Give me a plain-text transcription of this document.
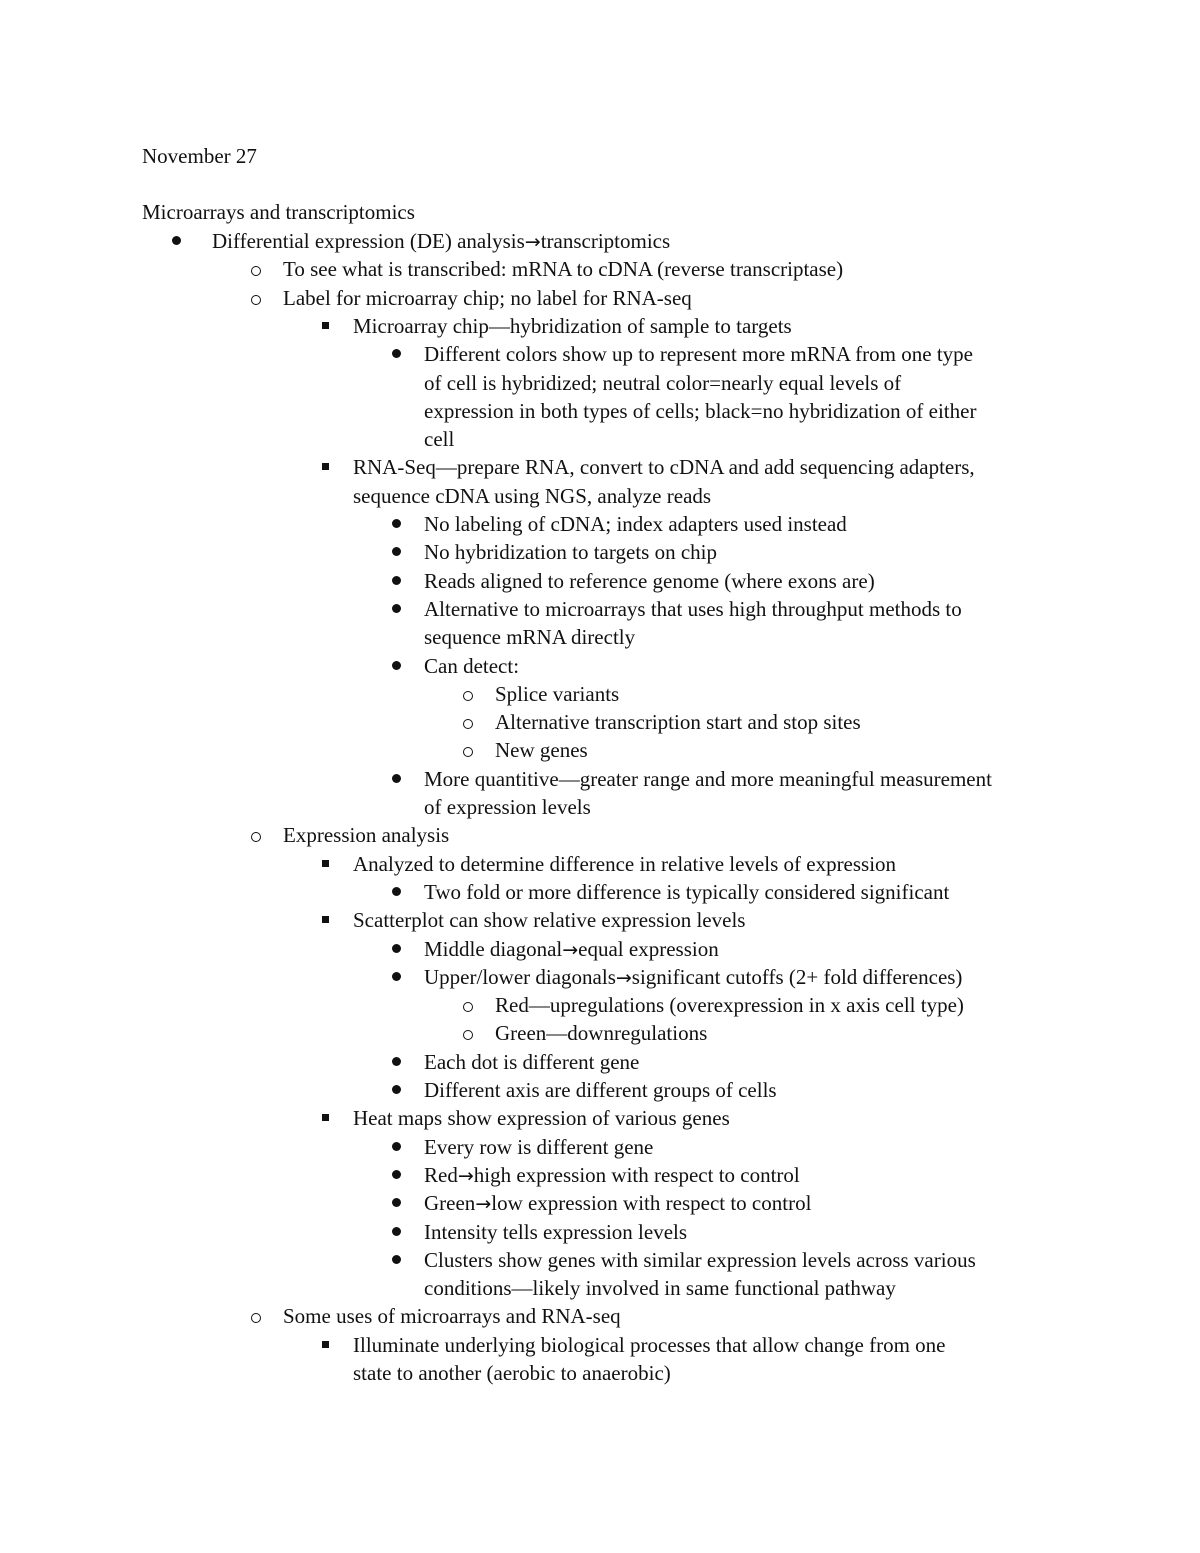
November 27
Microarrays and transcriptomics
Differential expression (DE) analysis→transcriptomics
To see what is transcribed: mRNA to cDNA (reverse transcriptase)
Label for microarray chip; no label for RNA-seq
Microarray chip—hybridization of sample to targets
Different colors show up to represent more mRNA from one type
of cell is hybridized; neutral color=nearly equal levels of
expression in both types of cells; black=no hybridization of either
cell
RNA-Seq—prepare RNA, convert to cDNA and add sequencing adapters,
sequence cDNA using NGS, analyze reads
No labeling of cDNA; index adapters used instead
No hybridization to targets on chip
Reads aligned to reference genome (where exons are)
Alternative to microarrays that uses high throughput methods to
sequence mRNA directly
Can detect:
Splice variants
Alternative transcription start and stop sites
New genes
More quantitive—greater range and more meaningful measurement
of expression levels
Expression analysis
Analyzed to determine difference in relative levels of expression
Two fold or more difference is typically considered significant
Scatterplot can show relative expression levels
Middle diagonal→equal expression
Upper/lower diagonals→significant cutoffs (2+ fold differences)
Red—upregulations (overexpression in x axis cell type)
Green—downregulations
Each dot is different gene
Different axis are different groups of cells
Heat maps show expression of various genes
Every row is different gene
Red→high expression with respect to control
Green→low expression with respect to control
Intensity tells expression levels
Clusters show genes with similar expression levels across various
conditions—likely involved in same functional pathway
Some uses of microarrays and RNA-seq
Illuminate underlying biological processes that allow change from one
state to another (aerobic to anaerobic)
